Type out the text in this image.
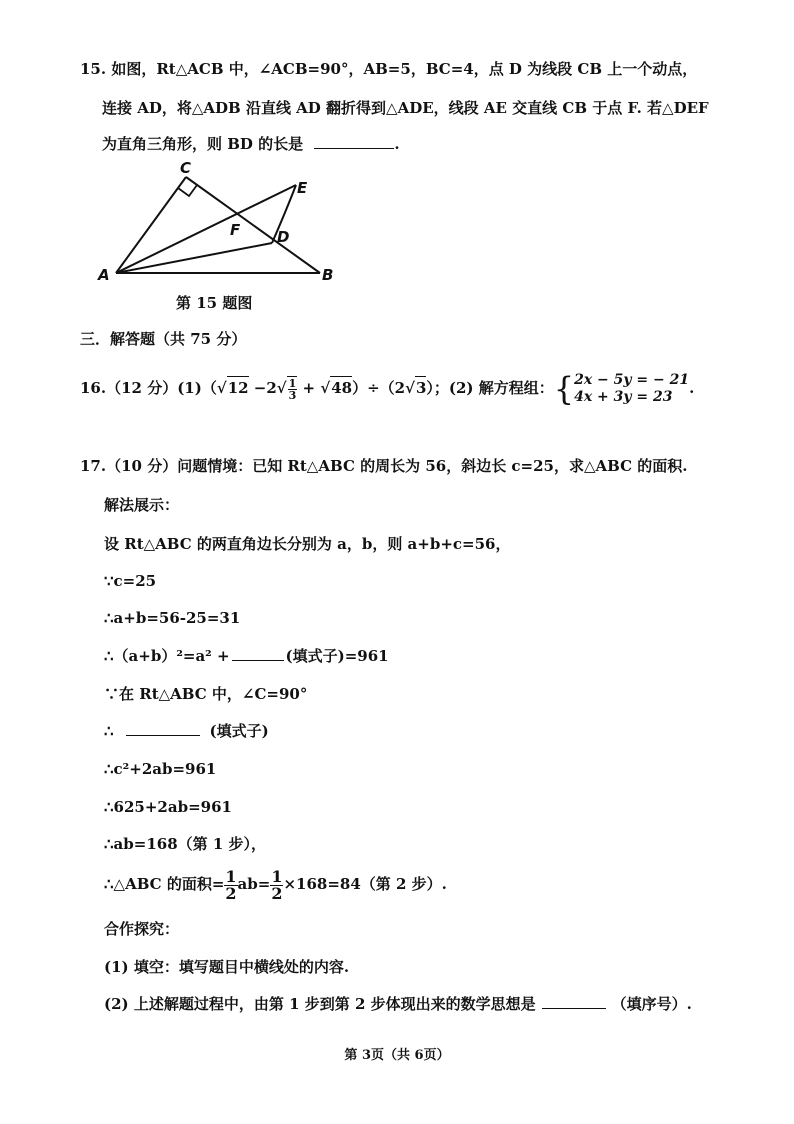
15. 如图，Rt△ACB 中，∠ACB=90°，AB=5，BC=4，点 D 为线段 CB 上一个动点，
连接 AD，将△ADB 沿直线 AD 翻折得到△ADE，线段 AE 交直线 CB 于点 F. 若△DEF
为直角三角形，则 BD 的长是	.
C
E
F D
A	B
第 15 题图
三．解答题（共 75 分）
16.（12 分）$(1)(√12 -2√ \frac{1}{3} + √48)\div(2√3)$；(2) 解方程组：{ 2x − 5y = − 21
4x + 3y = 23	.
17.（10 分）问题情境：已知 Rt△ABC 的周长为 56，斜边长 c=25，求△ABC 的面积.
解法展示：
设 Rt△ABC 的两直角边长分别为 a，b，则 a+b+c=56，
∵c=25
∴a+b=56-25=31
∴（a+b）²=a² +	(填式子)=961
∵在 Rt△ABC 中，∠C=90°
∴	(填式子)
∴c²+2ab=961
∴625+2ab=961
∴ab=168（第 1 步），
∴△ABC 的面积= $\frac{1}{2} ab= \frac{1}{2} \times 168=84$（第 2 步）.
合作探究：
(1) 填空：填写题目中横线处的内容.
(2) 上述解题过程中，由第 1 步到第 2 步体现出来的数学思想是	（填序号）.
第 3页（共 6页）
